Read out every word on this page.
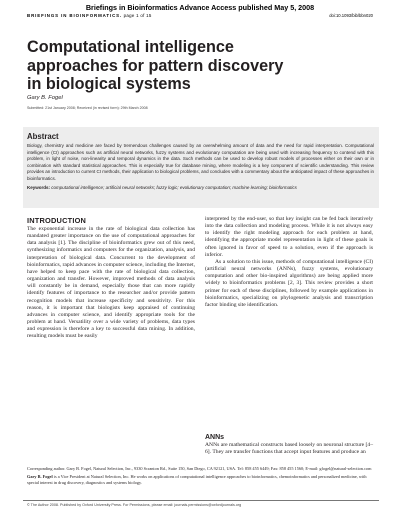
Briefings in Bioinformatics Advance Access published May 5, 2008
BRIEFINGS IN BIOINFORMATICS. page 1 of 15	doi:10.1093/bib/bbn020
Computational intelligence
approaches for pattern discovery
in biological systems
Gary B. Fogel
Submitted: 21st January 2008; Received (in revised form): 29th March 2008
Abstract
Biology, chemistry and medicine are faced by tremendous challenges caused by an overwhelming amount of data and the need for rapid interpretation. Computational intelligence (CI) approaches such as artificial neural networks, fuzzy systems and evolutionary computation are being used with increasing frequency to contend with this problem, in light of noise, non-linearity and temporal dynamics in the data. Such methods can be used to develop robust models of processes either on their own or in combination with standard statistical approaches. This is especially true for database mining, where modeling is a key component of scientific understanding. This review provides an introduction to current CI methods, their application to biological problems, and concludes with a commentary about the anticipated impact of these approaches in bioinformatics.
Keywords: computational intelligence; artificial neural networks; fuzzy logic; evolutionary computation; machine learning; bioinformatics
INTRODUCTION

The exponential increase in the rate of biological data collection has mandated greater importance on the use of computational approaches for data analysis [1]. The discipline of bioinformatics grew out of this need, synthesizing informatics and computers for the organization, analysis, and interpretation of biological data. Concurrent to the development of bioinformatics, rapid advances in computer science, including the Internet, have helped to keep pace with the rate of biological data collection, organization and transfer. However, improved methods of data analysis will constantly be in demand, especially those that can more rapidly identify features of importance to the researcher and/or provide pattern recognition models that increase specificity and sensitivity. For this reason, it is important that biologists keep appraised of continuing advances in computer science, and identify appropriate tools for the problem at hand. Versatility over a wide variety of problems, data types and expression is therefore a key to successful data mining. In addition, resulting models must be easily

interpreted by the end-user, so that key insight can be fed back iteratively into the data collection and modeling process. While it is not always easy to identify the right modeling approach for each problem at hand, identifying the appropriate model representation in light of these goals is often ignored in favor of speed to a solution, even if the approach is inferior.

As a solution to this issue, methods of computational intelligence (CI) (artificial neural networks (ANNs), fuzzy systems, evolutionary computation and other bio-inspired algorithms) are being applied more widely to bioinformatics problems [2, 3]. This review provides a short primer for each of these disciplines, followed by example applications in bioinformatics, specializing on phylogenetic analysis and transcription factor binding site identification.

ANNs
ANNs are mathematical constructs based loosely on neuronal structure [4–6]. They are transfer functions that accept input features and produce an

Corresponding author. Gary B. Fogel, Natural Selection, Inc., 9330 Scranton Rd., Suite 150, San Diego, CA 92121, USA. Tel: 858 455 6449; Fax: 858 455 1560; E-mail: gfogel@natural-selection.com

Gary B. Fogel is a Vice President at Natural Selection, Inc. He works on applications of computational intelligence approaches to bioinformatics, chemoinformatics and personalized medicine, with special interest in drug discovery, diagnostics and systems biology.

© The Author 2008. Published by Oxford University Press. For Permissions, please email: journals.permissions@oxfordjournals.org
